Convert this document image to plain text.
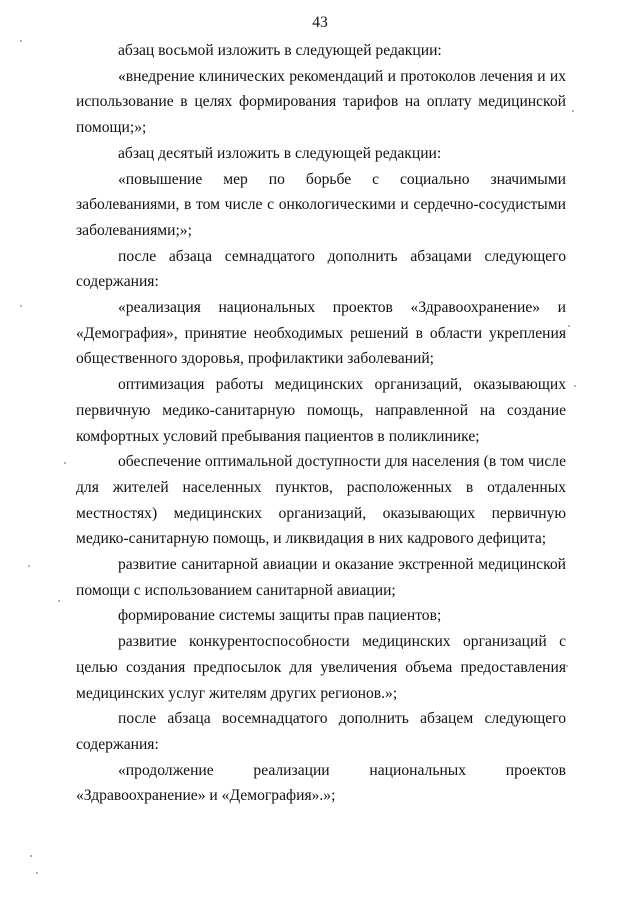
43

абзац восьмой изложить в следующей редакции:

«внедрение клинических рекомендаций и протоколов лечения и их использование в целях формирования тарифов на оплату медицинской помощи;»;

абзац десятый изложить в следующей редакции:

«повышение мер по борьбе с социально значимыми заболеваниями, в том числе с онкологическими и сердечно-сосудистыми заболеваниями;»;

после абзаца семнадцатого дополнить абзацами следующего содержания:

«реализация национальных проектов «Здравоохранение» и «Демография», принятие необходимых решений в области укрепления общественного здоровья, профилактики заболеваний;

оптимизация работы медицинских организаций, оказывающих первичную медико-санитарную помощь, направленной на создание комфортных условий пребывания пациентов в поликлинике;

обеспечение оптимальной доступности для населения (в том числе для жителей населенных пунктов, расположенных в отдаленных местностях) медицинских организаций, оказывающих первичную медико-санитарную помощь, и ликвидация в них кадрового дефицита;

развитие санитарной авиации и оказание экстренной медицинской помощи с использованием санитарной авиации;

формирование системы защиты прав пациентов;

развитие конкурентоспособности медицинских организаций с целью создания предпосылок для увеличения объема предоставления медицинских услуг жителям других регионов.»;

после абзаца восемнадцатого дополнить абзацем следующего содержания:

«продолжение реализации национальных проектов «Здравоохранение» и «Демография».»;
